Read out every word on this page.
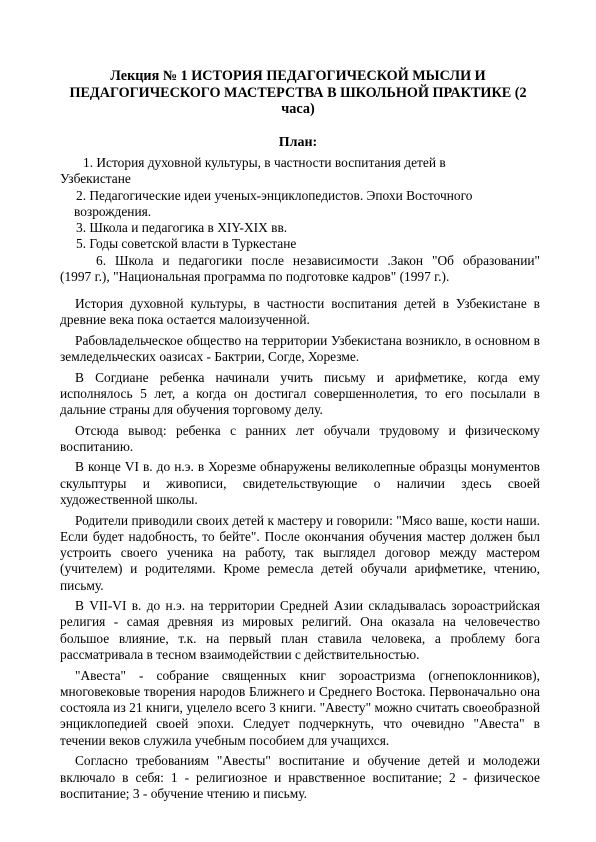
Лекция № 1 ИСТОРИЯ ПЕДАГОГИЧЕСКОЙ МЫСЛИ И
ПЕДАГОГИЧЕСКОГО МАСТЕРСТВА В ШКОЛЬНОЙ ПРАКТИКЕ (2
часа)
План:
1. История духовной культуры, в частности воспитания детей в
Узбекистане
2. Педагогические идеи ученых-энциклопедистов. Эпохи Восточного
возрождения.
3. Школа и педагогика в XIY-XIX вв.
5. Годы советской власти в Туркестане
6. Школа и педагогики после независимости .Закон "Об образовании"
(1997 г.), "Национальная программа по подготовке кадров" (1997 г.).

История духовной культуры, в частности воспитания детей в Узбекистане в древние века пока остается малоизученной.

Рабовладельческое общество на территории Узбекистана возникло, в основном в земледельческих оазисах - Бактрии, Согде, Хорезме.

В Согдиане ребенка начинали учить письму и арифметике, когда ему исполнялось 5 лет, а когда он достигал совершеннолетия, то его посылали в дальние страны для обучения торговому делу.

Отсюда вывод: ребенка с ранних лет обучали трудовому и физическому воспитанию.

В конце VI в. до н.э. в Хорезме обнаружены великолепные образцы монументов скульптуры и живописи, свидетельствующие о наличии здесь своей художественной школы.

Родители приводили своих детей к мастеру и говорили: "Мясо ваше, кости наши. Если будет надобность, то бейте". После окончания обучения мастер должен был устроить своего ученика на работу, так выглядел договор между мастером (учителем) и родителями. Кроме ремесла детей обучали арифметике, чтению, письму.

В VII-VI в. до н.э. на территории Средней Азии складывалась зороастрийская религия - самая древняя из мировых религий. Она оказала на человечество большое влияние, т.к. на первый план ставила человека, а проблему бога рассматривала в тесном взаимодействии с действительностью.

"Авеста" - собрание священных книг зороастризма (огнепоклонников), многовековые творения народов Ближнего и Среднего Востока. Первоначально она состояла из 21 книги, уцелело всего 3 книги. "Авесту" можно считать своеобразной энциклопедией своей эпохи. Следует подчеркнуть, что очевидно "Авеста" в течении веков служила учебным пособием для учащихся.

Согласно требованиям "Авесты" воспитание и обучение детей и молодежи включало в себя: 1 - религиозное и нравственное воспитание; 2 - физическое воспитание; 3 - обучение чтению и письму.
